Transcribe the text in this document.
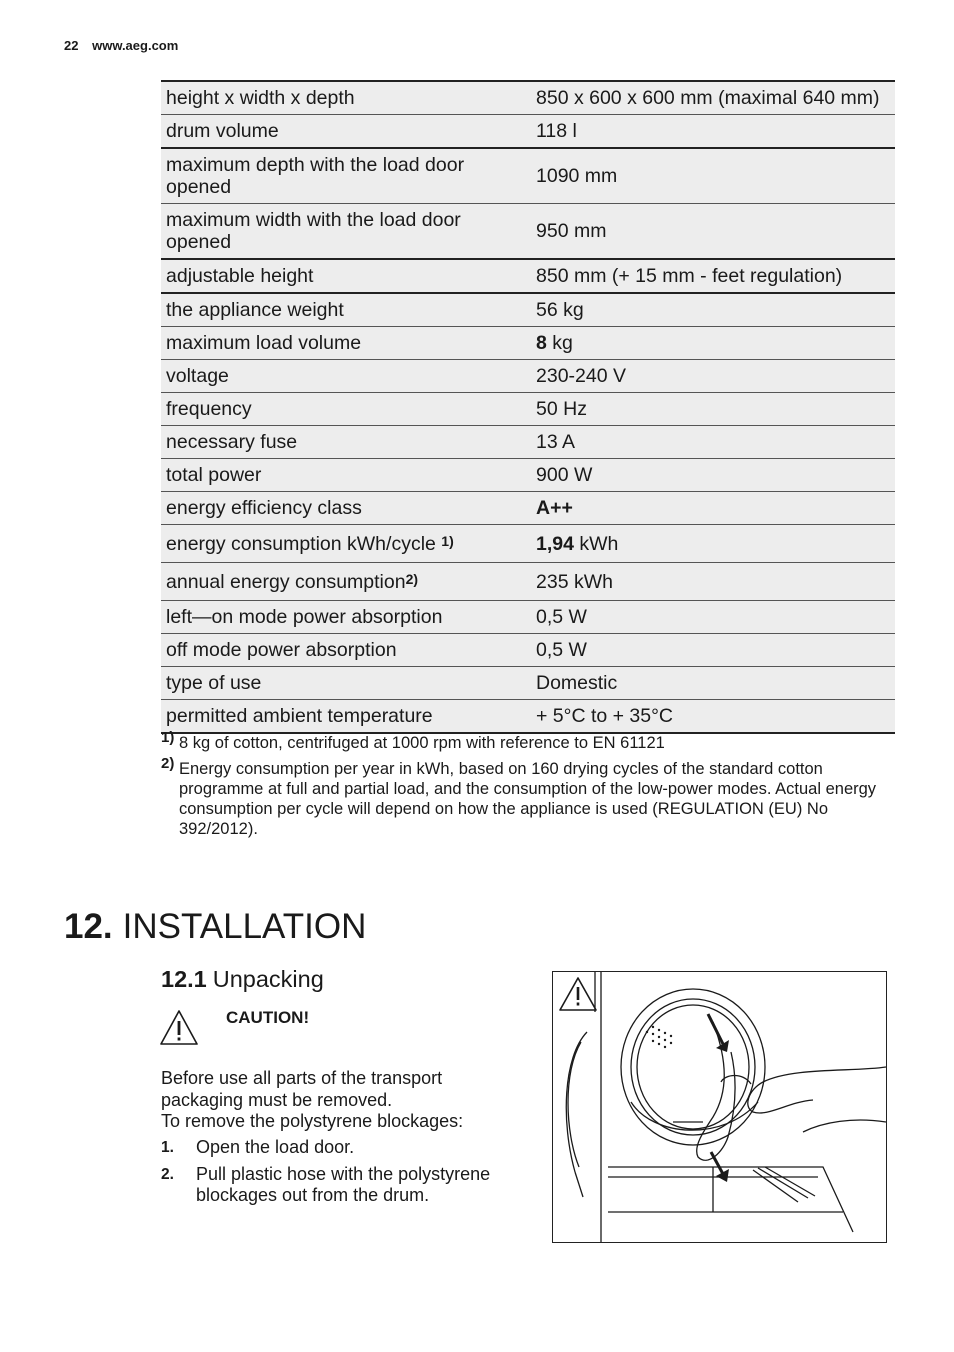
22 www.aeg.com
height x width x depth	850 x 600 x 600 mm (maximal 640 mm)
drum volume	118 l
maximum depth with the load door opened	1090 mm
maximum width with the load door opened	950 mm
adjustable height	850 mm (+ 15 mm - feet regulation)
the appliance weight	56 kg
maximum load volume	8 kg
voltage	230-240 V
frequency	50 Hz
necessary fuse	13 A
total power	900 W
energy efficiency class	A++
energy consumption kWh/cycle $^{1)}$	1,94 kWh
annual energy consumption$^{2)}$	235 kWh
left—on mode power absorption	0,5 W
off mode power absorption	0,5 W
type of use	Domestic
permitted ambient temperature	+ 5°C to + 35°C
1) 8 kg of cotton, centrifuged at 1000 rpm with reference to EN 61121
2) Energy consumption per year in kWh, based on 160 drying cycles of the standard cotton programme at full and partial load, and the consumption of the low-power modes. Actual energy consumption per cycle will depend on how the appliance is used (REGULATION (EU) No 392/2012).
12. INSTALLATION
12.1 Unpacking
CAUTION!
Before use all parts of the transport packaging must be removed.
To remove the polystyrene blockages:
1. Open the load door.
2. Pull plastic hose with the polystyrene blockages out from the drum.
